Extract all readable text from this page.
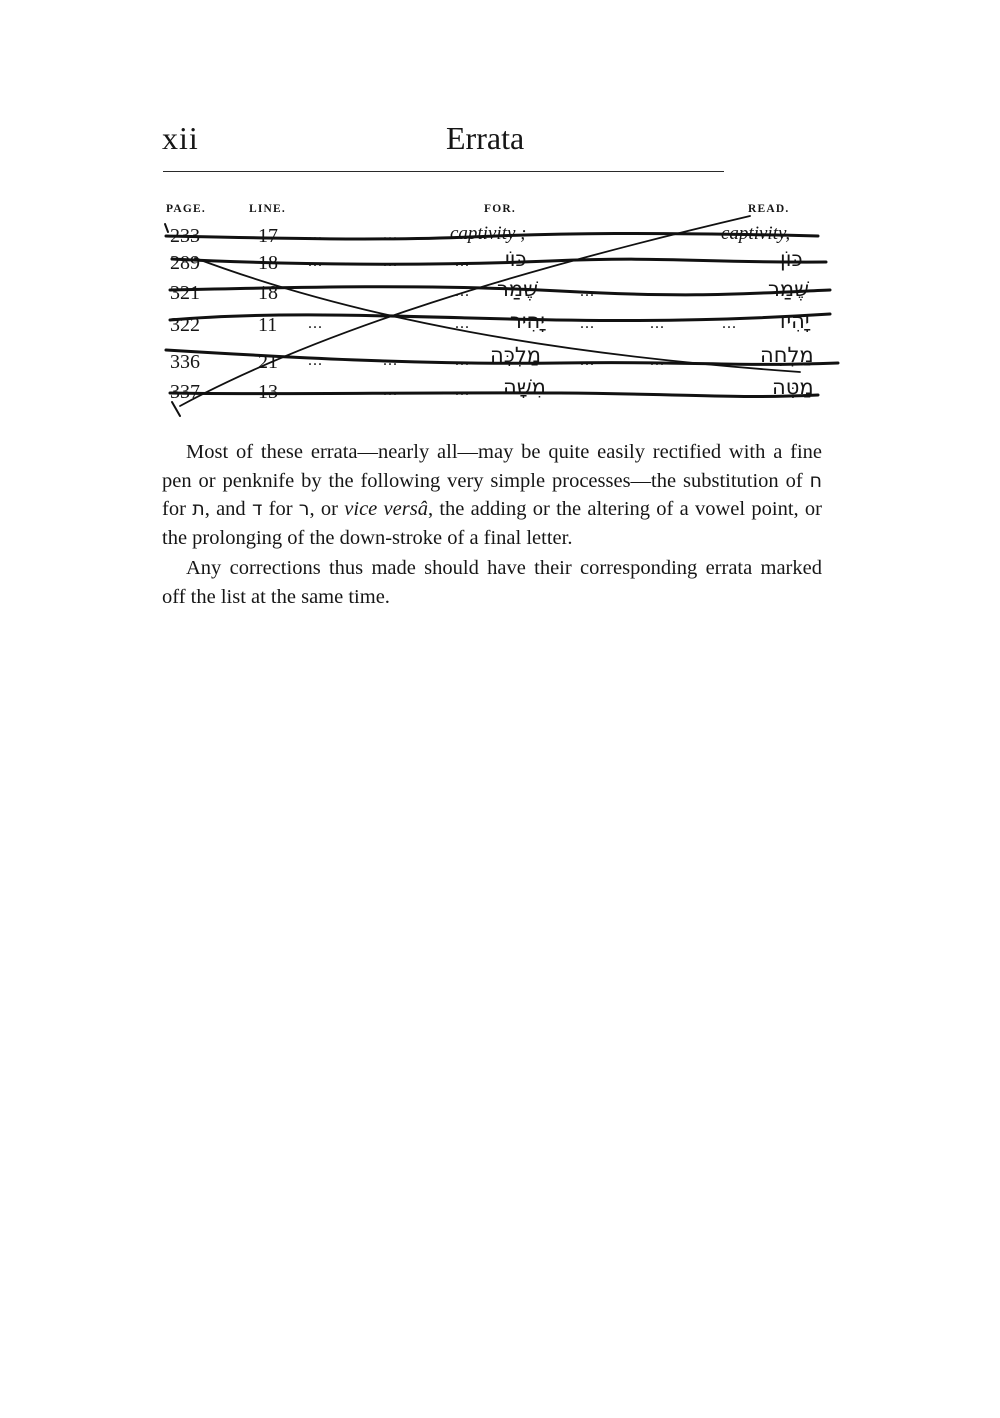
xii	Errata
PAGE.	LINE.	FOR.	READ.
233	17 ...	...	captivity ;	captivity,
289	18 ...	...	... כּוֹי	כּוֹן
321	18	... שֶׁמַר	...	שֶׁמַר
322	11 ...	... יָהִיר ...	...	... יָהִיד
336	21 ...	...	... מַלְכָּה ...	...	מַלְחָה
337	13	...	... מִשָּׁה	מַטָּה

Most of these errata—nearly all—may be quite easily rectified with a fine pen or penknife by the following very simple processes—the substitution of ח for ת, and ד for ר, or vice versâ, the adding or the altering of a vowel point, or the prolonging of the down-stroke of a final letter.

Any corrections thus made should have their corresponding errata marked off the list at the same time.
